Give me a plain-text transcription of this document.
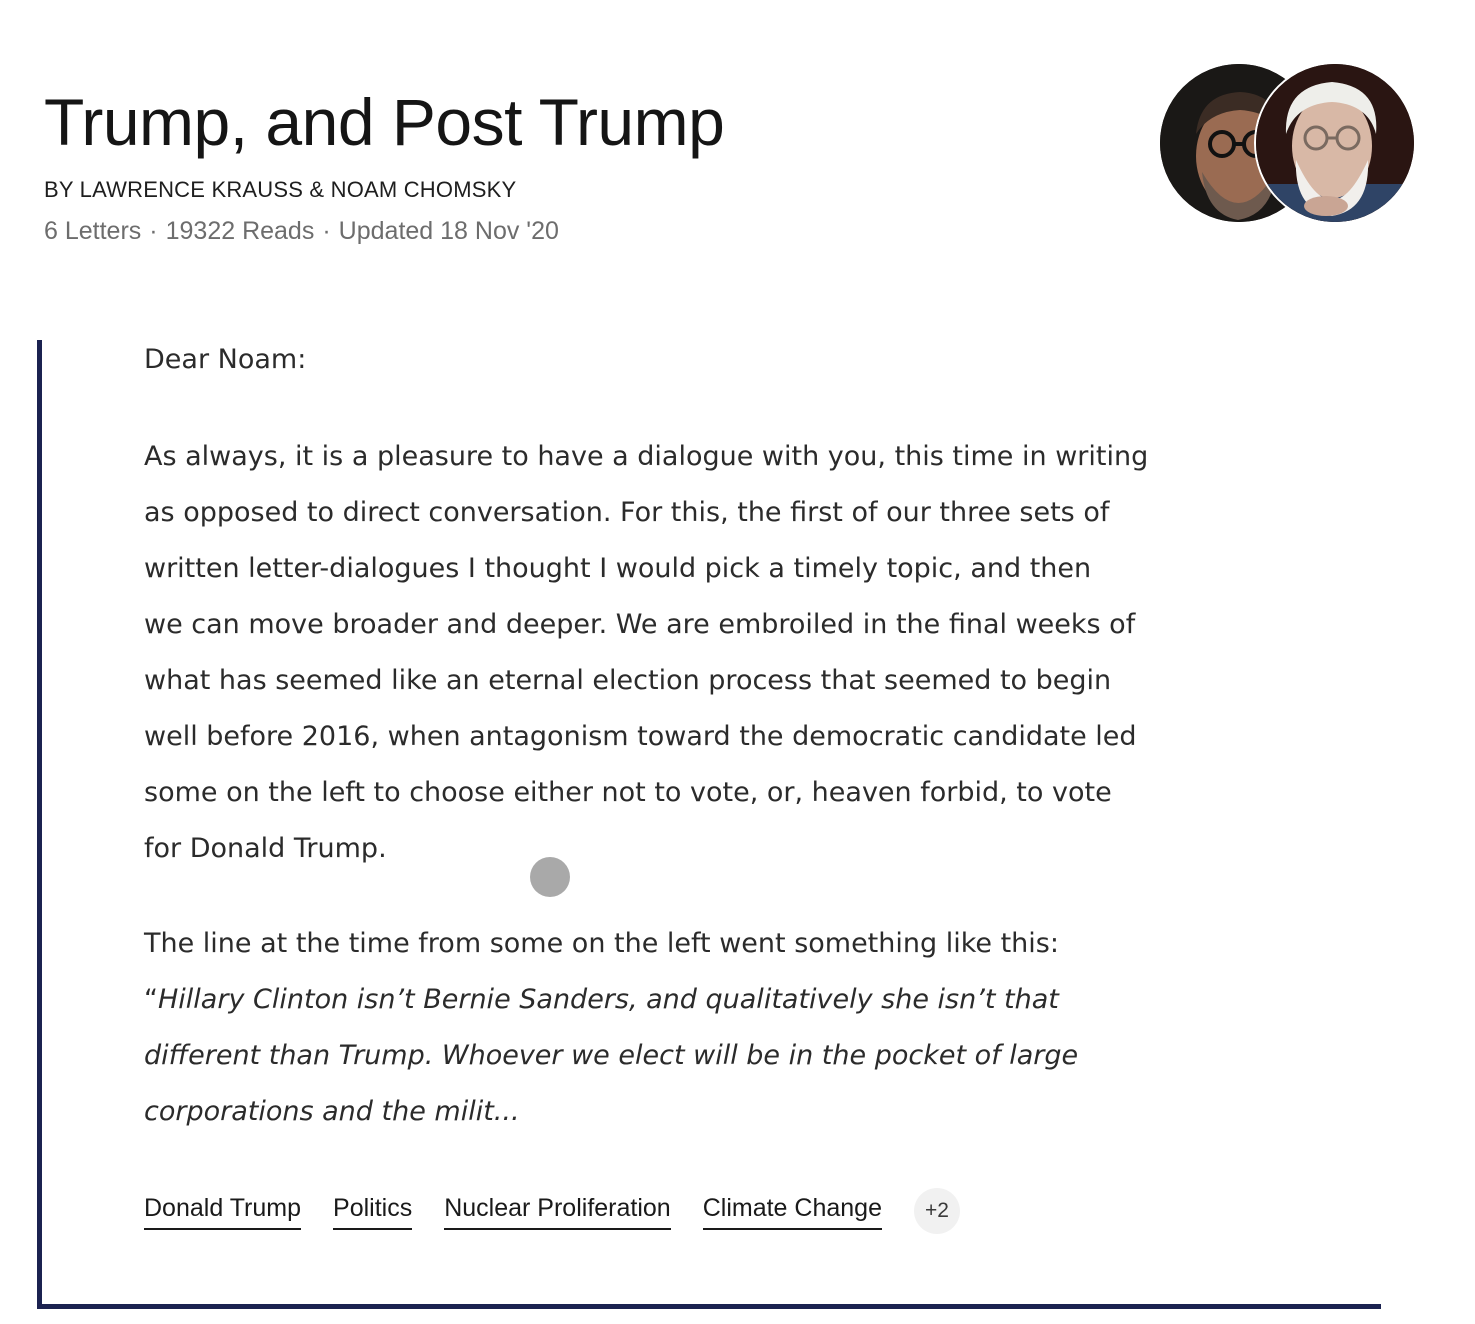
Trump, and Post Trump
BY LAWRENCE KRAUSS & NOAM CHOMSKY
6 Letters · 19322 Reads · Updated 18 Nov '20

Dear Noam:

As always, it is a pleasure to have a dialogue with you, this time in writing
as opposed to direct conversation. For this, the first of our three sets of
written letter-dialogues I thought I would pick a timely topic, and then
we can move broader and deeper. We are embroiled in the final weeks of
what has seemed like an eternal election process that seemed to begin
well before 2016, when antagonism toward the democratic candidate led
some on the left to choose either not to vote, or, heaven forbid, to vote
for Donald Trump.

The line at the time from some on the left went something like this:
“Hillary Clinton isn’t Bernie Sanders, and qualitatively she isn’t that
different than Trump. Whoever we elect will be in the pocket of large
corporations and the milit...

Donald Trump Politics Nuclear Proliferation Climate Change	+2
